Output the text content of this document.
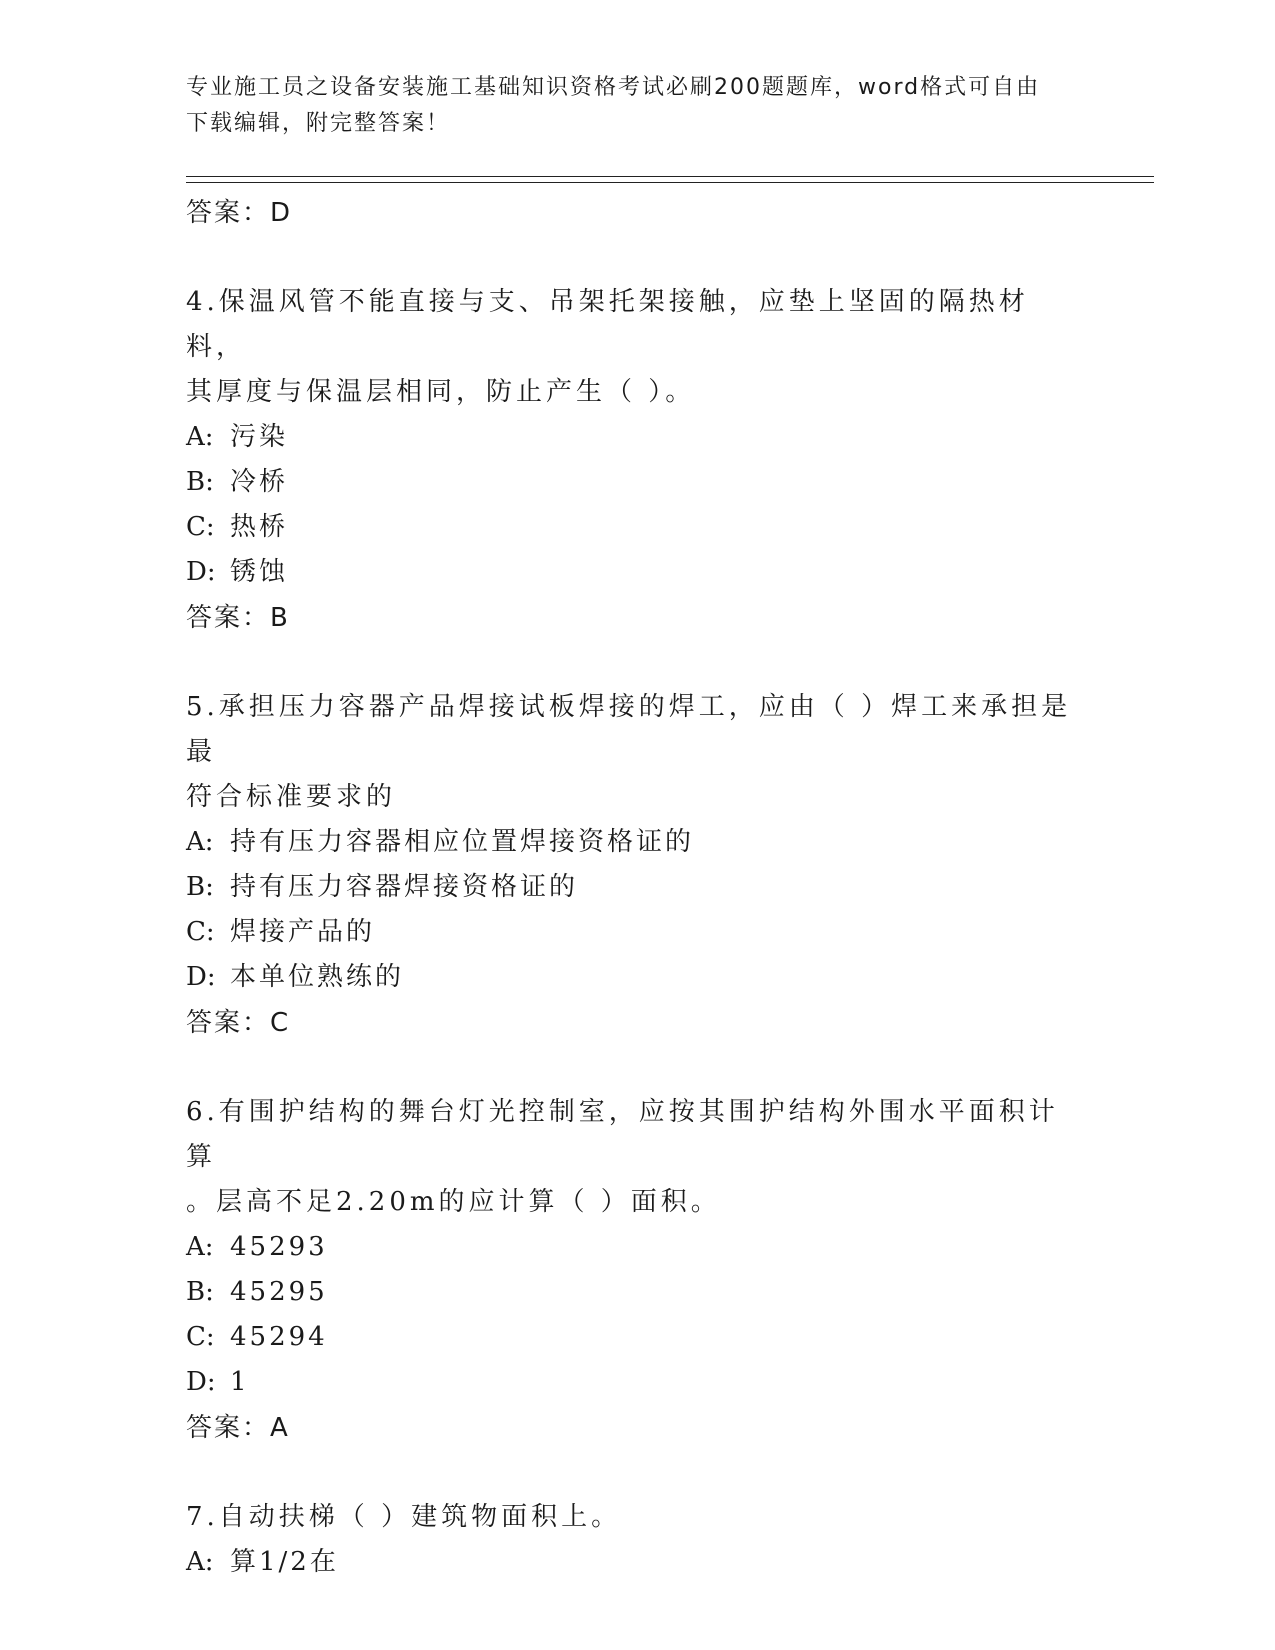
专业施工员之设备安装施工基础知识资格考试必刷200题题库，word格式可自由
下载编辑，附完整答案！
答案：D
4.保温风管不能直接与支、吊架托架接触，应垫上坚固的隔热材料，
其厚度与保温层相同，防止产生（ ）。
A: 污染
B: 冷桥
C: 热桥
D: 锈蚀
答案：B
5.承担压力容器产品焊接试板焊接的焊工，应由（ ）焊工来承担是最
符合标准要求的
A: 持有压力容器相应位置焊接资格证的
B: 持有压力容器焊接资格证的
C: 焊接产品的
D: 本单位熟练的
答案：C
6.有围护结构的舞台灯光控制室，应按其围护结构外围水平面积计算
。层高不足2.20m的应计算（ ）面积。
A: 45293
B: 45295
C: 45294
D: 1
答案：A
7.自动扶梯（ ）建筑物面积上。
A: 算1/2在
